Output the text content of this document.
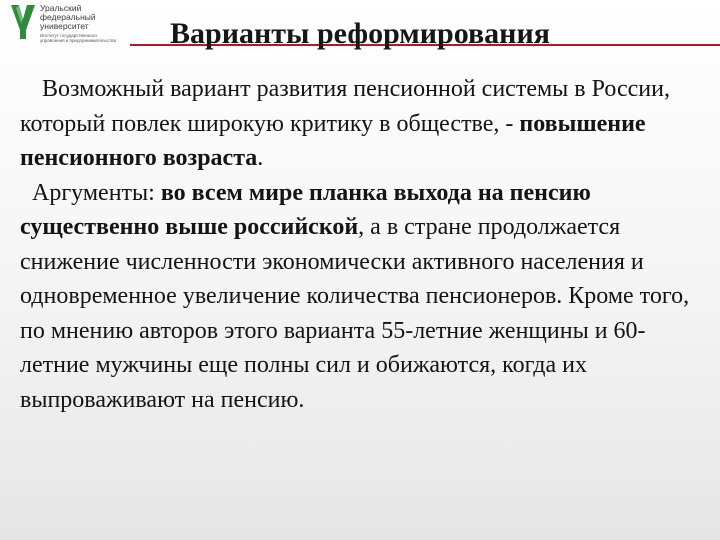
Уральский
федеральный
университет
Институт государственного
управления и предпринимательства	Варианты реформирования

Возможный вариант развития пенсионной системы в России, который повлек широкую критику в обществе, - повышение пенсионного возраста.

Аргументы: во всем мире планка выхода на пенсию существенно выше российской, а в стране продолжается снижение численности экономически активного населения и одновременное увеличение количества пенсионеров. Кроме того, по мнению авторов этого варианта 55-летние женщины и 60-летние мужчины еще полны сил и обижаются, когда их выпроваживают на пенсию.
